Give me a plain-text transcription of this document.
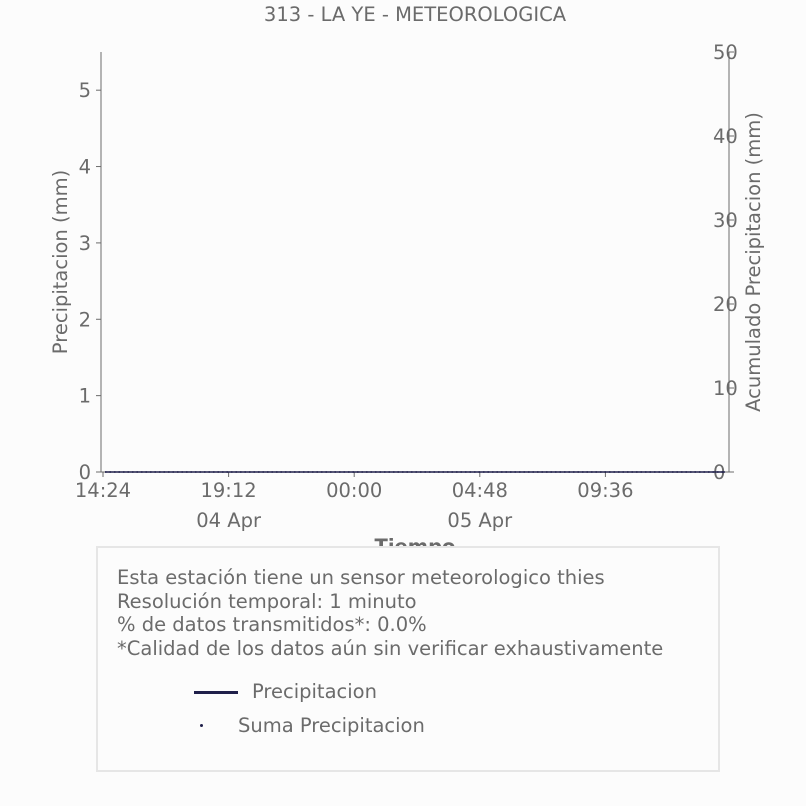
313 - LA YE - METEOROLOGICA
Precipitacion (mm)	Acumulado Precipitacion (mm)
0
1
2
3
4
5
0
10
20
30
40
50
14:24	19:12	00:00	04:48	09:36
04 Apr	05 Apr
Esta estación tiene un sensor meteorologico thies
Resolución temporal: 1 minuto
% de datos transmitidos*: 0.0%
*Calidad de los datos aún sin verificar exhaustivamente
Precipitacion
Suma Precipitacion
